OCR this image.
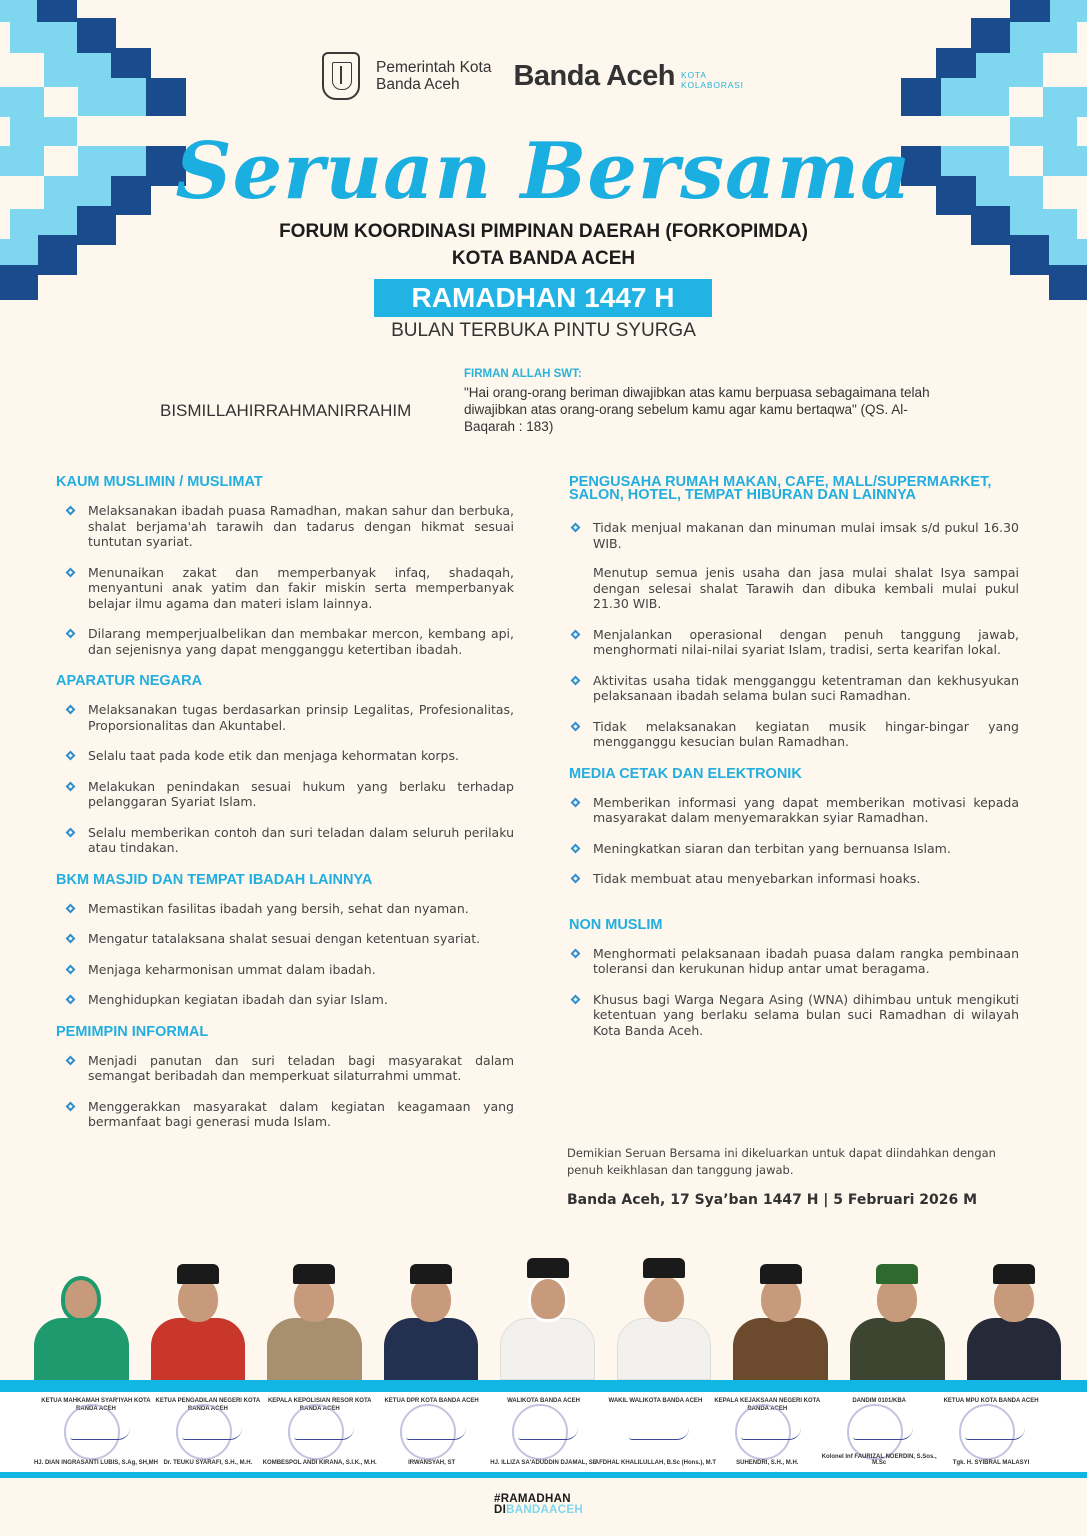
Pemerintah Kota
Banda Aceh	Banda Aceh KOTA
KOLABORASI
Seruan Bersama
FORUM KOORDINASI PIMPINAN DAERAH (FORKOPIMDA)
KOTA BANDA ACEH
RAMADHAN 1447 H
BULAN TERBUKA PINTU SYURGA
BISMILLAHIRRAHMANIRRAHIM
FIRMAN ALLAH SWT:
"Hai orang-orang beriman diwajibkan atas kamu berpuasa sebagaimana telah diwajibkan atas orang-orang sebelum kamu agar kamu bertaqwa" (QS. Al-Baqarah : 183)
KAUM MUSLIMIN / MUSLIMAT
Melaksanakan ibadah puasa Ramadhan, makan sahur dan berbuka, shalat berjama'ah tarawih dan tadarus dengan hikmat sesuai tuntutan syariat.
Menunaikan zakat dan memperbanyak infaq, shadaqah, menyantuni anak yatim dan fakir miskin serta memperbanyak belajar ilmu agama dan materi islam lainnya.
Dilarang memperjualbelikan dan membakar mercon, kembang api, dan sejenisnya yang dapat mengganggu ketertiban ibadah.
APARATUR NEGARA
Melaksanakan tugas berdasarkan prinsip Legalitas, Profesionalitas, Proporsionalitas dan Akuntabel.
Selalu taat pada kode etik dan menjaga kehormatan korps.
Melakukan penindakan sesuai hukum yang berlaku terhadap pelanggaran Syariat Islam.
Selalu memberikan contoh dan suri teladan dalam seluruh perilaku atau tindakan.
BKM MASJID DAN TEMPAT IBADAH LAINNYA
Memastikan fasilitas ibadah yang bersih, sehat dan nyaman.
Mengatur tatalaksana shalat sesuai dengan ketentuan syariat.
Menjaga keharmonisan ummat dalam ibadah.
Menghidupkan kegiatan ibadah dan syiar Islam.
PEMIMPIN INFORMAL
Menjadi panutan dan suri teladan bagi masyarakat dalam semangat beribadah dan memperkuat silaturrahmi ummat.
Menggerakkan masyarakat dalam kegiatan keagamaan yang bermanfaat bagi generasi muda Islam.
PENGUSAHA RUMAH MAKAN, CAFE, MALL/SUPERMARKET, SALON, HOTEL, TEMPAT HIBURAN DAN LAINNYA
Tidak menjual makanan dan minuman mulai imsak s/d pukul 16.30 WIB.
Menutup semua jenis usaha dan jasa mulai shalat Isya sampai dengan selesai shalat Tarawih dan dibuka kembali mulai pukul 21.30 WIB.
Menjalankan operasional dengan penuh tanggung jawab, menghormati nilai-nilai syariat Islam, tradisi, serta kearifan lokal.
Aktivitas usaha tidak mengganggu ketentraman dan kekhusyukan pelaksanaan ibadah selama bulan suci Ramadhan.
Tidak melaksanakan kegiatan musik hingar-bingar yang mengganggu kesucian bulan Ramadhan.
MEDIA CETAK DAN ELEKTRONIK
Memberikan informasi yang dapat memberikan motivasi kepada masyarakat dalam menyemarakkan syiar Ramadhan.
Meningkatkan siaran dan terbitan yang bernuansa Islam.
Tidak membuat atau menyebarkan informasi hoaks.
NON MUSLIM
Menghormati pelaksanaan ibadah puasa dalam rangka pembinaan toleransi dan kerukunan hidup antar umat beragama.
Khusus bagi Warga Negara Asing (WNA) dihimbau untuk mengikuti ketentuan yang berlaku selama bulan suci Ramadhan di wilayah Kota Banda Aceh.
Demikian Seruan Bersama ini dikeluarkan untuk dapat diindahkan dengan penuh keikhlasan dan tanggung jawab.
Banda Aceh, 17 Sya’ban 1447 H | 5 Februari 2026 M
KETUA MAHKAMAH SYAR'IYAH KOTA BANDA ACEH
HJ. DIAN INGRASANTI LUBIS, S.Ag, SH,MH
KETUA PENGADILAN NEGERI KOTA BANDA ACEH
Dr. TEUKU SYARAFI, S.H., M.H.
KEPALA KEPOLISIAN RESOR KOTA BANDA ACEH
KOMBESPOL ANDI KIRANA, S.I.K., M.H.
KETUA DPR KOTA BANDA ACEH
IRWANSYAH, ST
WALIKOTA BANDA ACEH
HJ. ILLIZA SA'ADUDDIN DJAMAL, SE
WAKIL WALIKOTA BANDA ACEH
AFDHAL KHALILULLAH, B.Sc (Hons.), M.T
KEPALA KEJAKSAAN NEGERI KOTA BANDA ACEH
SUHENDRI, S.H., M.H.
DANDIM 0101/KBA
Kolonel Inf FAURIZAL NOERDIN, S.Sos., M.Sc
KETUA MPU KOTA BANDA ACEH
Tgk. H. SYIBRAL MALASYI
#RAMADHAN
DIBANDAACEH
